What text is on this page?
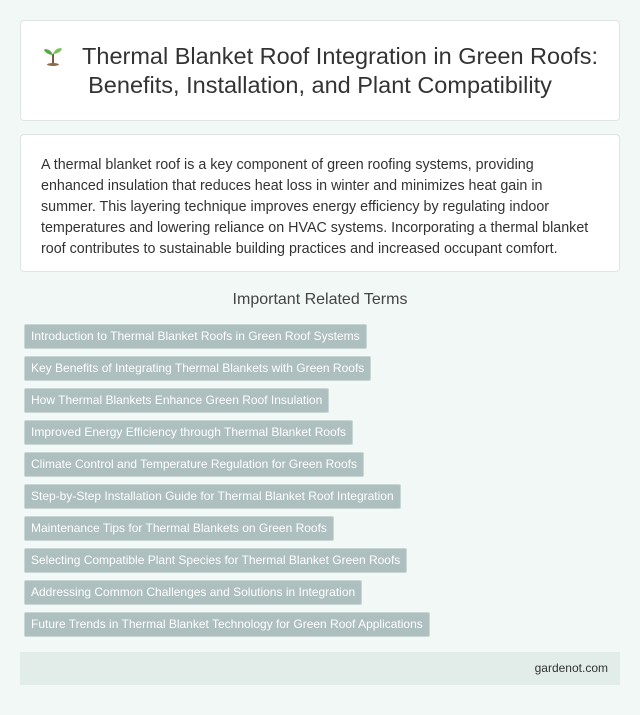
Thermal Blanket Roof Integration in Green Roofs: Benefits, Installation, and Plant Compatibility

A thermal blanket roof is a key component of green roofing systems, providing enhanced insulation that reduces heat loss in winter and minimizes heat gain in summer. This layering technique improves energy efficiency by regulating indoor temperatures and lowering reliance on HVAC systems. Incorporating a thermal blanket roof contributes to sustainable building practices and increased occupant comfort.

Important Related Terms
Introduction to Thermal Blanket Roofs in Green Roof Systems
Key Benefits of Integrating Thermal Blankets with Green Roofs
How Thermal Blankets Enhance Green Roof Insulation
Improved Energy Efficiency through Thermal Blanket Roofs
Climate Control and Temperature Regulation for Green Roofs
Step-by-Step Installation Guide for Thermal Blanket Roof Integration
Maintenance Tips for Thermal Blankets on Green Roofs
Selecting Compatible Plant Species for Thermal Blanket Green Roofs
Addressing Common Challenges and Solutions in Integration
Future Trends in Thermal Blanket Technology for Green Roof Applications
gardenot.com
